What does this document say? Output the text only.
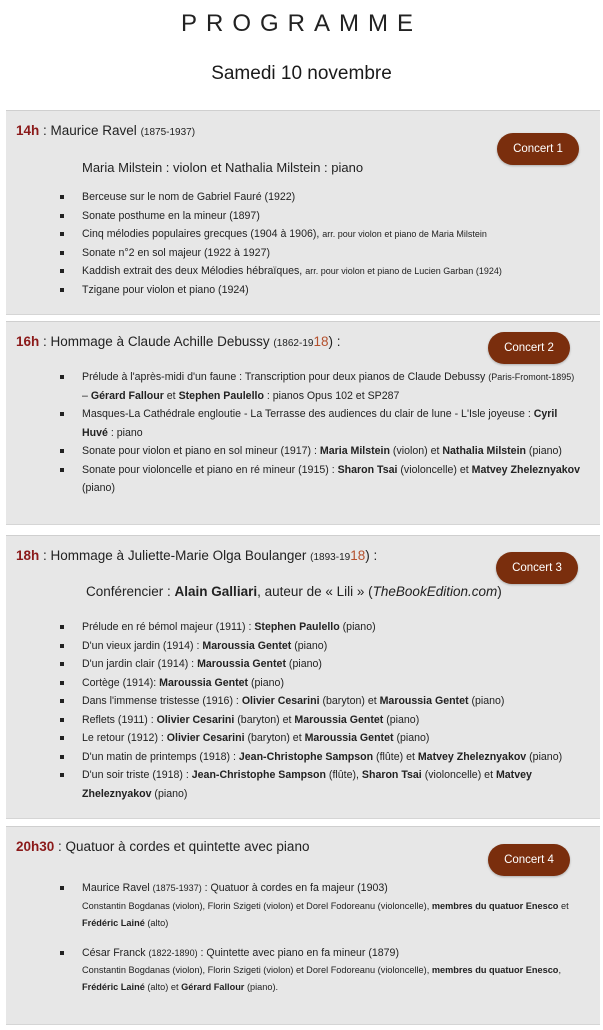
PROGRAMME
Samedi 10 novembre
14h : Maurice Ravel (1875-1937)
Concert 1
Maria Milstein : violon et Nathalia Milstein : piano
Berceuse sur le nom de Gabriel Fauré (1922)
Sonate posthume en la mineur (1897)
Cinq mélodies populaires grecques (1904 à 1906), arr. pour violon et piano de Maria Milstein
Sonate n°2 en sol majeur (1922 à 1927)
Kaddish extrait des deux Mélodies hébraïques, arr. pour violon et piano de Lucien Garban (1924)
Tzigane pour violon et piano (1924)
16h : Hommage à Claude Achille Debussy (1862-1918) :	Concert 2
Prélude à l'après-midi d'un faune : Transcription pour deux pianos de Claude Debussy (Paris-Fromont-1895) – Gérard Fallour et Stephen Paulello : pianos Opus 102 et SP287
Masques-La Cathédrale engloutie - La Terrasse des audiences du clair de lune - L'Isle joyeuse : Cyril Huvé : piano
Sonate pour violon et piano en sol mineur (1917) : Maria Milstein (violon) et Nathalia Milstein (piano)
Sonate pour violoncelle et piano en ré mineur (1915) : Sharon Tsai (violoncelle) et Matvey Zheleznyakov (piano)
18h : Hommage à Juliette-Marie Olga Boulanger (1893-1918) :
Concert 3
Conférencier : Alain Galliari, auteur de « Lili » (TheBookEdition.com)
Prélude en ré bémol majeur (1911) : Stephen Paulello (piano)
D'un vieux jardin (1914) : Maroussia Gentet (piano)
D'un jardin clair (1914) : Maroussia Gentet (piano)
Cortège (1914): Maroussia Gentet (piano)
Dans l'immense tristesse (1916) : Olivier Cesarini (baryton) et Maroussia Gentet (piano)
Reflets (1911) : Olivier Cesarini (baryton) et Maroussia Gentet (piano)
Le retour (1912) : Olivier Cesarini (baryton) et Maroussia Gentet (piano)
D'un matin de printemps (1918) : Jean-Christophe Sampson (flûte) et Matvey Zheleznyakov (piano)
D'un soir triste (1918) : Jean-Christophe Sampson (flûte), Sharon Tsai (violoncelle) et Matvey Zheleznyakov (piano)
20h30 : Quatuor à cordes et quintette avec piano
Concert 4
Maurice Ravel (1875-1937) : Quatuor à cordes en fa majeur (1903)
Constantin Bogdanas (violon), Florin Szigeti (violon) et Dorel Fodoreanu (violoncelle), membres du quatuor Enesco et Frédéric Lainé (alto)
César Franck (1822-1890) : Quintette avec piano en fa mineur (1879)
Constantin Bogdanas (violon), Florin Szigeti (violon) et Dorel Fodoreanu (violoncelle), membres du quatuor Enesco, Frédéric Lainé (alto) et Gérard Fallour (piano).
